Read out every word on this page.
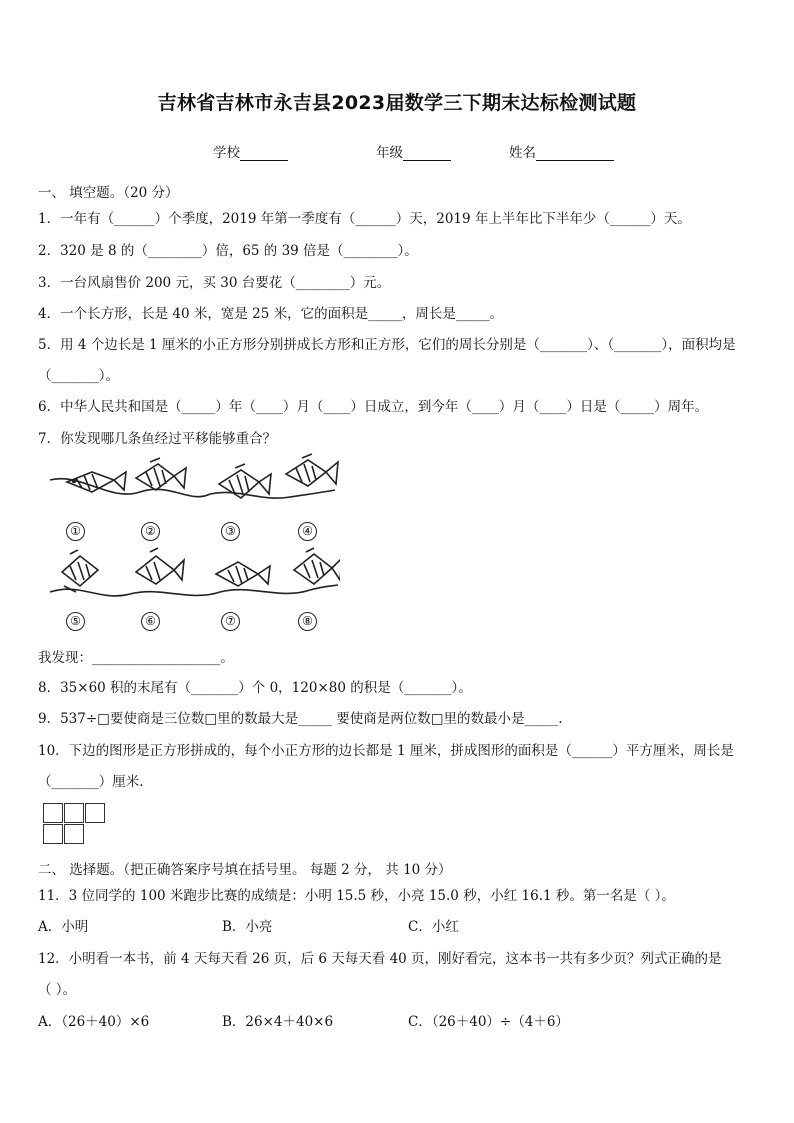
吉林省吉林市永吉县2023届数学三下期末达标检测试题
学校	年级	姓名
一、 填空题。（20 分）
1．一年有（______）个季度，2019 年第一季度有（______）天，2019 年上半年比下半年少（______）天。
2．320 是 8 的（________）倍，65 的 39 倍是（________）。
3．一台风扇售价 200 元，买 30 台要花（________）元。
4．一个长方形，长是 40 米，宽是 25 米，它的面积是_____，周长是_____。
5．用 4 个边长是 1 厘米的小正方形分别拼成长方形和正方形，它们的周长分别是（_______）、（_______），面积均是
（_______）。
6．中华人民共和国是（_____）年（____）月（____）日成立，到今年（____）月（____）日是（_____）周年。
7．你发现哪几条鱼经过平移能够重合？
①	②	③	④
⑤	⑥	⑦	⑧
我发现：___________________。
8．35×60 积的末尾有（_______）个 0，120×80 的积是（_______）。
9．537÷□要使商是三位数□里的数最大是_____ 要使商是两位数□里的数最小是_____.
10．下边的图形是正方形拼成的，每个小正方形的边长都是 1 厘米，拼成图形的面积是（______）平方厘米，周长是
（_______）厘米.
二、 选择题。（把正确答案序号填在括号里。 每题 2 分， 共 10 分）
11．3 位同学的 100 米跑步比赛的成绩是：小明 15.5 秒，小亮 15.0 秒，小红 16.1 秒。第一名是（ ）。
A．小明	B．小亮	C．小红
12．小明看一本书，前 4 天每天看 26 页，后 6 天每天看 40 页，刚好看完，这本书一共有多少页？列式正确的是
（ ）。
A．（26＋40）×6	B．26×4＋40×6	C．（26＋40）÷（4＋6）
